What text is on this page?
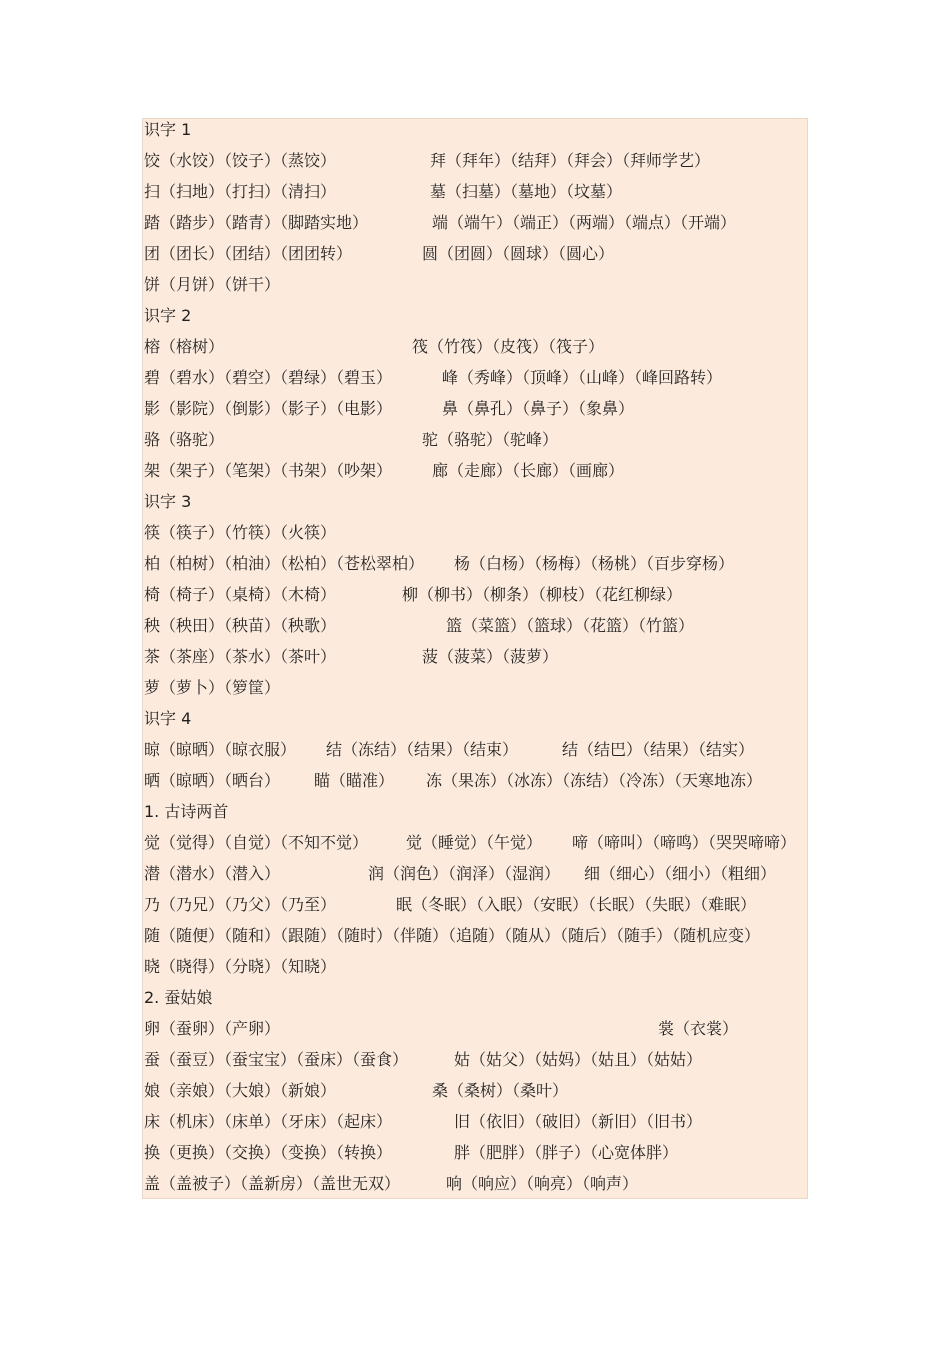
识字 1
饺（水饺）（饺子）（蒸饺）	拜（拜年）（结拜）（拜会）（拜师学艺）
扫（扫地）（打扫）（清扫）	墓（扫墓）（墓地）（坟墓）
踏（踏步）（踏青）（脚踏实地）	端（端午）（端正）（两端）（端点）（开端）
团（团长）（团结）（团团转）	圆（团圆）（圆球）（圆心）
饼（月饼）（饼干）
识字 2
榕（榕树）	筏（竹筏）（皮筏）（筏子）
碧（碧水）（碧空）（碧绿）（碧玉）	峰（秀峰）（顶峰）（山峰）（峰回路转）
影（影院）（倒影）（影子）（电影）	鼻（鼻孔）（鼻子）（象鼻）
骆（骆驼）	驼（骆驼）（驼峰）
架（架子）（笔架）（书架）（吵架） 廊（走廊）（长廊）（画廊）
识字 3
筷（筷子）（竹筷）（火筷）
柏（柏树）（柏油）（松柏）（苍松翠柏） 杨（白杨）（杨梅）（杨桃）（百步穿杨）
椅（椅子）（桌椅）（木椅）	柳（柳书）（柳条）（柳枝）（花红柳绿）
秧（秧田）（秧苗）（秧歌）	篮（菜篮）（篮球）（花篮）（竹篮）
茶（茶座）（茶水）（茶叶）	菠（菠菜）（菠萝）
萝（萝卜）（箩筐）
识字 4
晾（晾晒）（晾衣服） 结（冻结）（结果）（结束）	结（结巴）（结果）（结实）
晒（晾晒）（晒台） 瞄（瞄准） 冻（果冻）（冰冻）（冻结）（冷冻）（天寒地冻）
1. 古诗两首
觉（觉得）（自觉）（不知不觉） 觉（睡觉）（午觉） 啼（啼叫）（啼鸣）（哭哭啼啼）
潜（潜水）（潜入）	润（润色）（润泽）（湿润） 细（细心）（细小）（粗细）
乃（乃兄）（乃父）（乃至）	眠（冬眠）（入眠）（安眠）（长眠）（失眠）（难眠）
随（随便）（随和）（跟随）（随时）（伴随）（追随）（随从）（随后）（随手）（随机应变）
晓（晓得）（分晓）（知晓）
2. 蚕姑娘
卵（蚕卵）（产卵）	裳（衣裳）
蚕（蚕豆）（蚕宝宝）（蚕床）（蚕食）	姑（姑父）（姑妈）（姑且）（姑姑）
娘（亲娘）（大娘）（新娘）	桑（桑树）（桑叶）
床（机床）（床单）（牙床）（起床）	旧（依旧）（破旧）（新旧）（旧书）
换（更换）（交换）（变换）（转换）	胖（肥胖）（胖子）（心宽体胖）
盖（盖被子）（盖新房）（盖世无双）	响（响应）（响亮）（响声）
